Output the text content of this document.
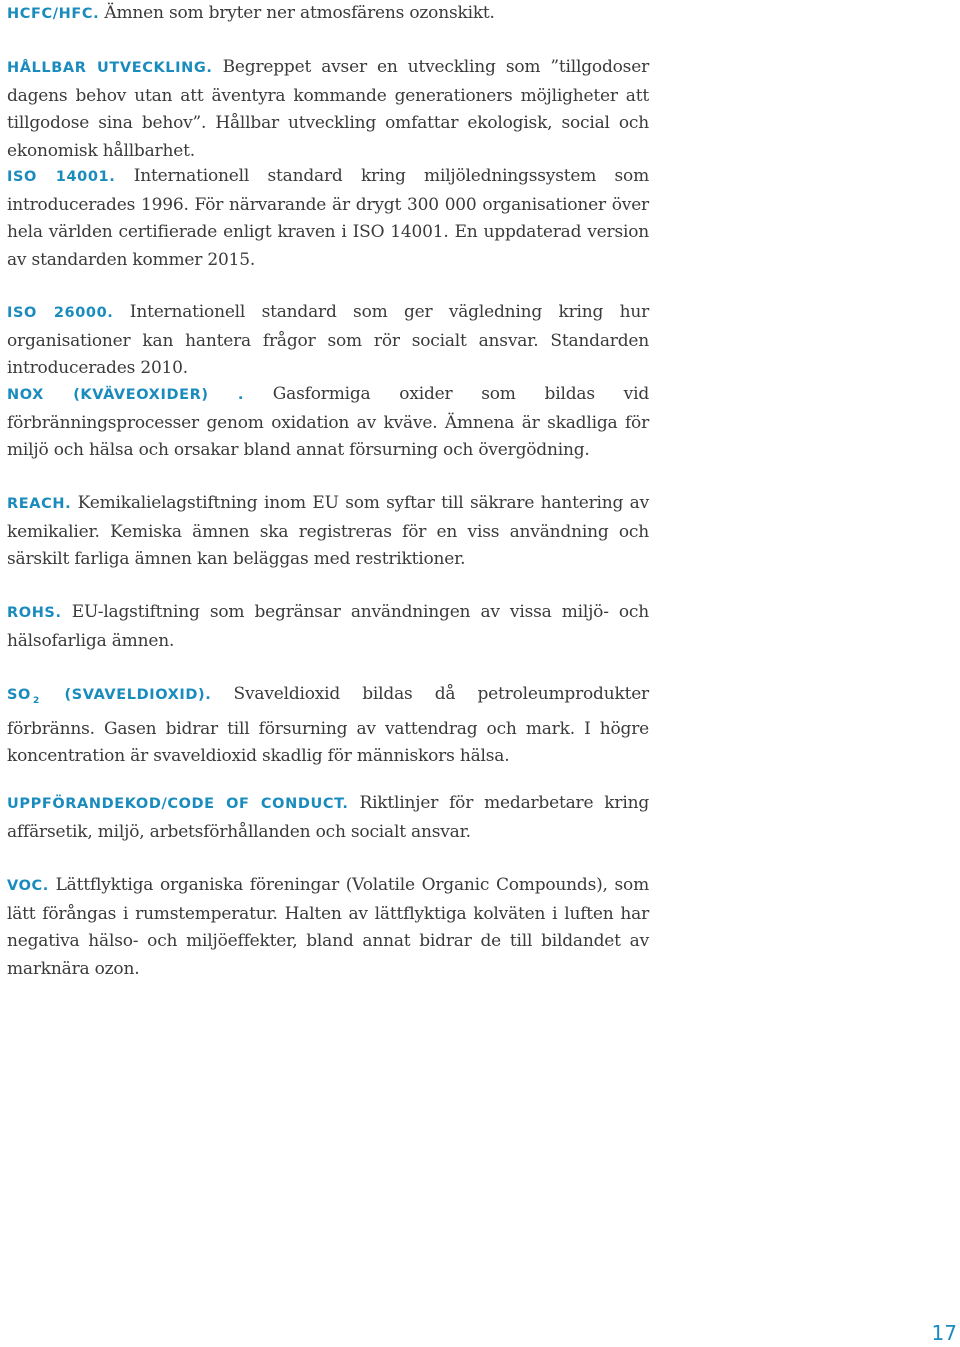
HCFC/HFC. Ämnen som bryter ner atmosfärens ozonskikt.

HÅLLBAR UTVECKLING. Begreppet avser en utveckling som ”tillgodoser dagens behov utan att äventyra kommande generationers möjligheter att tillgodose sina behov”. Hållbar utveckling omfattar ekologisk, social och ekonomisk hållbarhet.

ISO 14001. Internationell standard kring miljöledningssystem som introducerades 1996. För närvarande är drygt 300 000 organisationer över hela världen certifierade enligt kraven i ISO 14001. En uppdaterad version av standarden kommer 2015.

ISO 26000. Internationell standard som ger vägledning kring hur organisationer kan hantera frågor som rör socialt ansvar. Standarden introducerades 2010.

NOX (KVÄVEOXIDER) . Gasformiga oxider som bildas vid förbränningsprocesser genom oxidation av kväve. Ämnena är skadliga för miljö och hälsa och orsakar bland annat försurning och övergödning.

REACH. Kemikalielagstiftning inom EU som syftar till säkrare hantering av kemikalier. Kemiska ämnen ska registreras för en viss användning och särskilt farliga ämnen kan beläggas med restriktioner.

ROHS. EU-lagstiftning som begränsar användningen av vissa miljö- och hälsofarliga ämnen.

SO $_2$ (SVAVELDIOXID). Svaveldioxid bildas då petroleumprodukter förbränns. Gasen bidrar till försurning av vattendrag och mark. I högre koncentration är svaveldioxid skadlig för människors hälsa.

UPPFÖRANDEKOD/CODE OF CONDUCT. Riktlinjer för medarbetare kring affärsetik, miljö, arbetsförhållanden och socialt ansvar.

VOC. Lättflyktiga organiska föreningar (Volatile Organic Compounds), som lätt förångas i rumstemperatur. Halten av lättflyktiga kolväten i luften har negativa hälso- och miljöeffekter, bland annat bidrar de till bildandet av marknära ozon.

17
